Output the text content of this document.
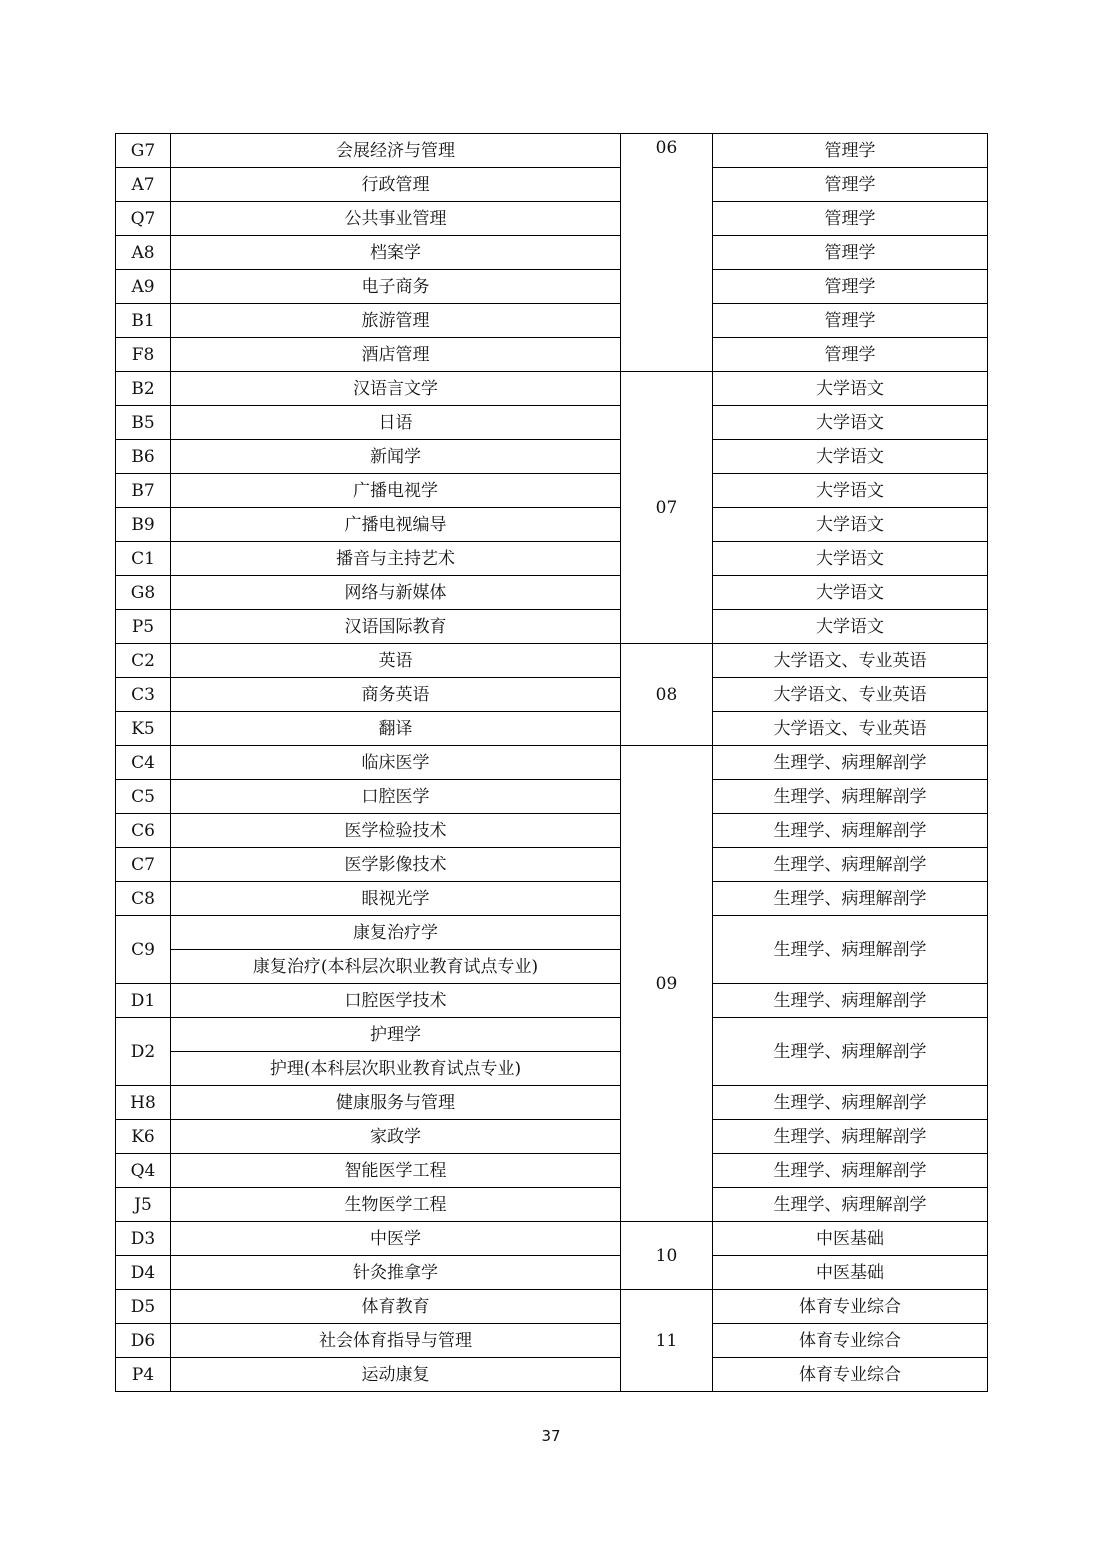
G7	会展经济与管理	06	管理学
A7	行政管理		管理学
Q7	公共事业管理		管理学
A8	档案学		管理学
A9	电子商务		管理学
B1	旅游管理		管理学
F8	酒店管理		管理学
B2	汉语言文学	07	大学语文
B5	日语		大学语文
B6	新闻学		大学语文
B7	广播电视学		大学语文
B9	广播电视编导		大学语文
C1	播音与主持艺术		大学语文
G8	网络与新媒体		大学语文
P5	汉语国际教育		大学语文
C2	英语	08	大学语文、专业英语
C3	商务英语		大学语文、专业英语
K5	翻译		大学语文、专业英语
C4	临床医学	09	生理学、病理解剖学
C5	口腔医学		生理学、病理解剖学
C6	医学检验技术		生理学、病理解剖学
C7	医学影像技术		生理学、病理解剖学
C8	眼视光学		生理学、病理解剖学
C9	康复治疗学		生理学、病理解剖学
	康复治疗(本科层次职业教育试点专业)		
D1	口腔医学技术		生理学、病理解剖学
D2	护理学		生理学、病理解剖学
	护理(本科层次职业教育试点专业)		
H8	健康服务与管理		生理学、病理解剖学
K6	家政学		生理学、病理解剖学
Q4	智能医学工程		生理学、病理解剖学
J5	生物医学工程		生理学、病理解剖学
D3	中医学	10	中医基础
D4	针灸推拿学		中医基础
D5	体育教育	11	体育专业综合
D6	社会体育指导与管理		体育专业综合
P4	运动康复		体育专业综合
37
